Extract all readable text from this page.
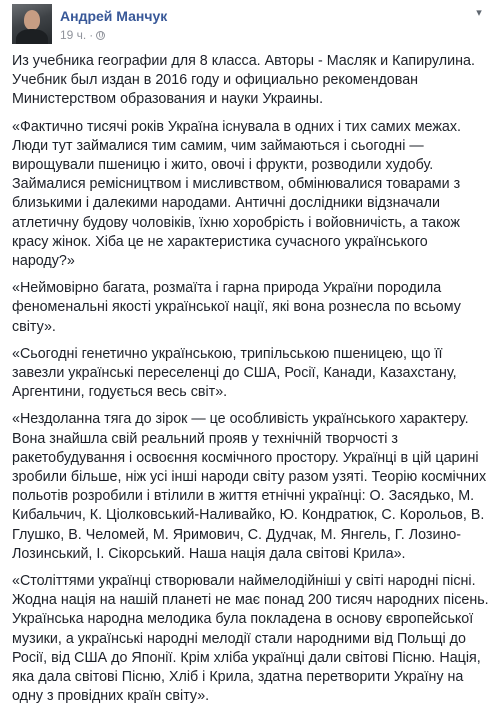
Андрей Манчук
19 ч. ·
▾

Из учебника географии для 8 класса. Авторы - Масляк и Капирулина. Учебник был издан в 2016 году и официально рекомендован Министерством образования и науки Украины.

«Фактично тисячі років Україна існувала в одних і тих самих межах. Люди тут займалися тим самим, чим займаються і сьогодні — вирощували пшеницю і жито, овочі і фрукти, розводили худобу. Займалися ремісництвом і мисливством, обмінювалися товарами з близькими і далекими народами. Античні дослідники відзначали атлетичну будову чоловіків, їхню хоробрість і войовничість, а також красу жінок. Хіба це не характеристика сучасного українського народу?»

«Неймовірно багата, розмаїта і гарна природа України породила феноменальні якості української нації, які вона рознесла по всьому світу».

«Сьогодні генетично українською, трипільською пшеницею, що її завезли українські переселенці до США, Росії, Канади, Казахстану, Аргентини, годується весь світ».

«Нездоланна тяга до зірок — це особливість українського характеру. Вона знайшла свій реальний прояв у технічній творчості з ракетобудування і освоєння космічного простору. Українці в цій царині зробили більше, ніж усі інші народи світу разом узяті. Теорію космічних польотів розробили і втілили в життя етнічні українці: О. Засядько, М. Кибальчич, К. Ціолковський-Наливайко, Ю. Кондратюк, С. Корольов, В. Глушко, В. Челомей, М. Яримович, С. Дудчак, М. Янгель, Г. Лозино-Лозинський, І. Сікорський. Наша нація дала світові Крила».

«Століттями українці створювали наймелодійніші у світі народні пісні. Жодна нація на нашій планеті не має понад 200 тисяч народних пісень. Українська народна мелодика була покладена в основу європейської музики, а українські народні мелодії стали народними від Польщі до Росії, від США до Японії. Крім хліба українці дали світові Пісню. Нація, яка дала світові Пісню, Хліб і Крила, здатна перетворити Україну на одну з провідних країн світу».
